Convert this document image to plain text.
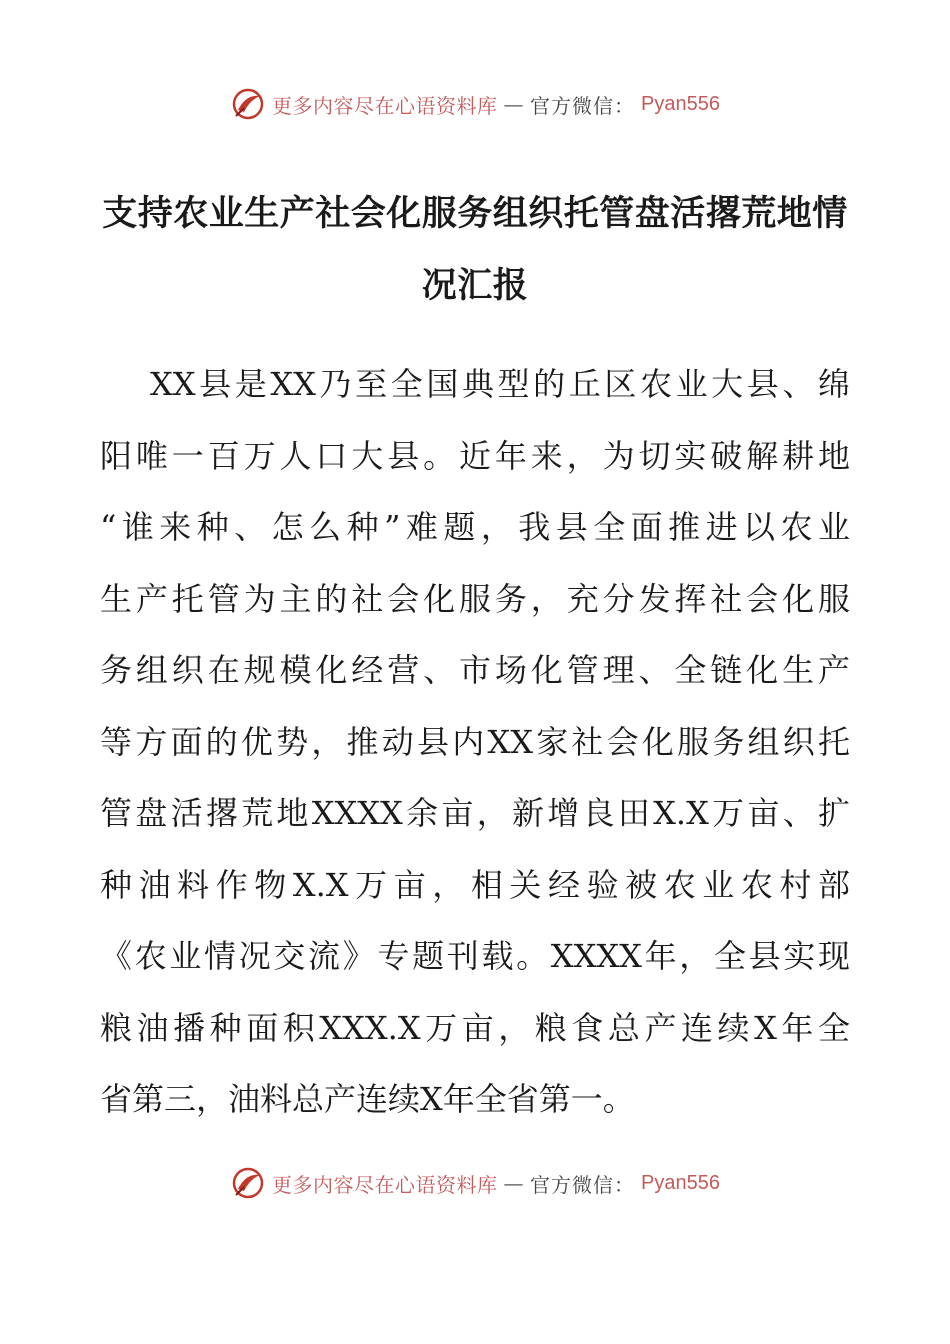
更多内容尽在心语资料库 — 官方微信： Pyan556
支持农业生产社会化服务组织托管盘活撂荒地情
况汇报

XX县是XX乃至全国典型的丘区农业大县、绵
阳唯一百万人口大县。近年来，为切实破解耕地
“谁来种、怎么种”难题，我县全面推进以农业
生产托管为主的社会化服务，充分发挥社会化服
务组织在规模化经营、市场化管理、全链化生产
等方面的优势，推动县内XX家社会化服务组织托
管盘活撂荒地XXXX余亩，新增良田X.X万亩、扩
种油料作物X.X万亩，相关经验被农业农村部
《农业情况交流》专题刊载。XXXX年，全县实现
粮油播种面积XXX.X万亩，粮食总产连续X年全
省第三，油料总产连续X年全省第一。

更多内容尽在心语资料库 — 官方微信： Pyan556
